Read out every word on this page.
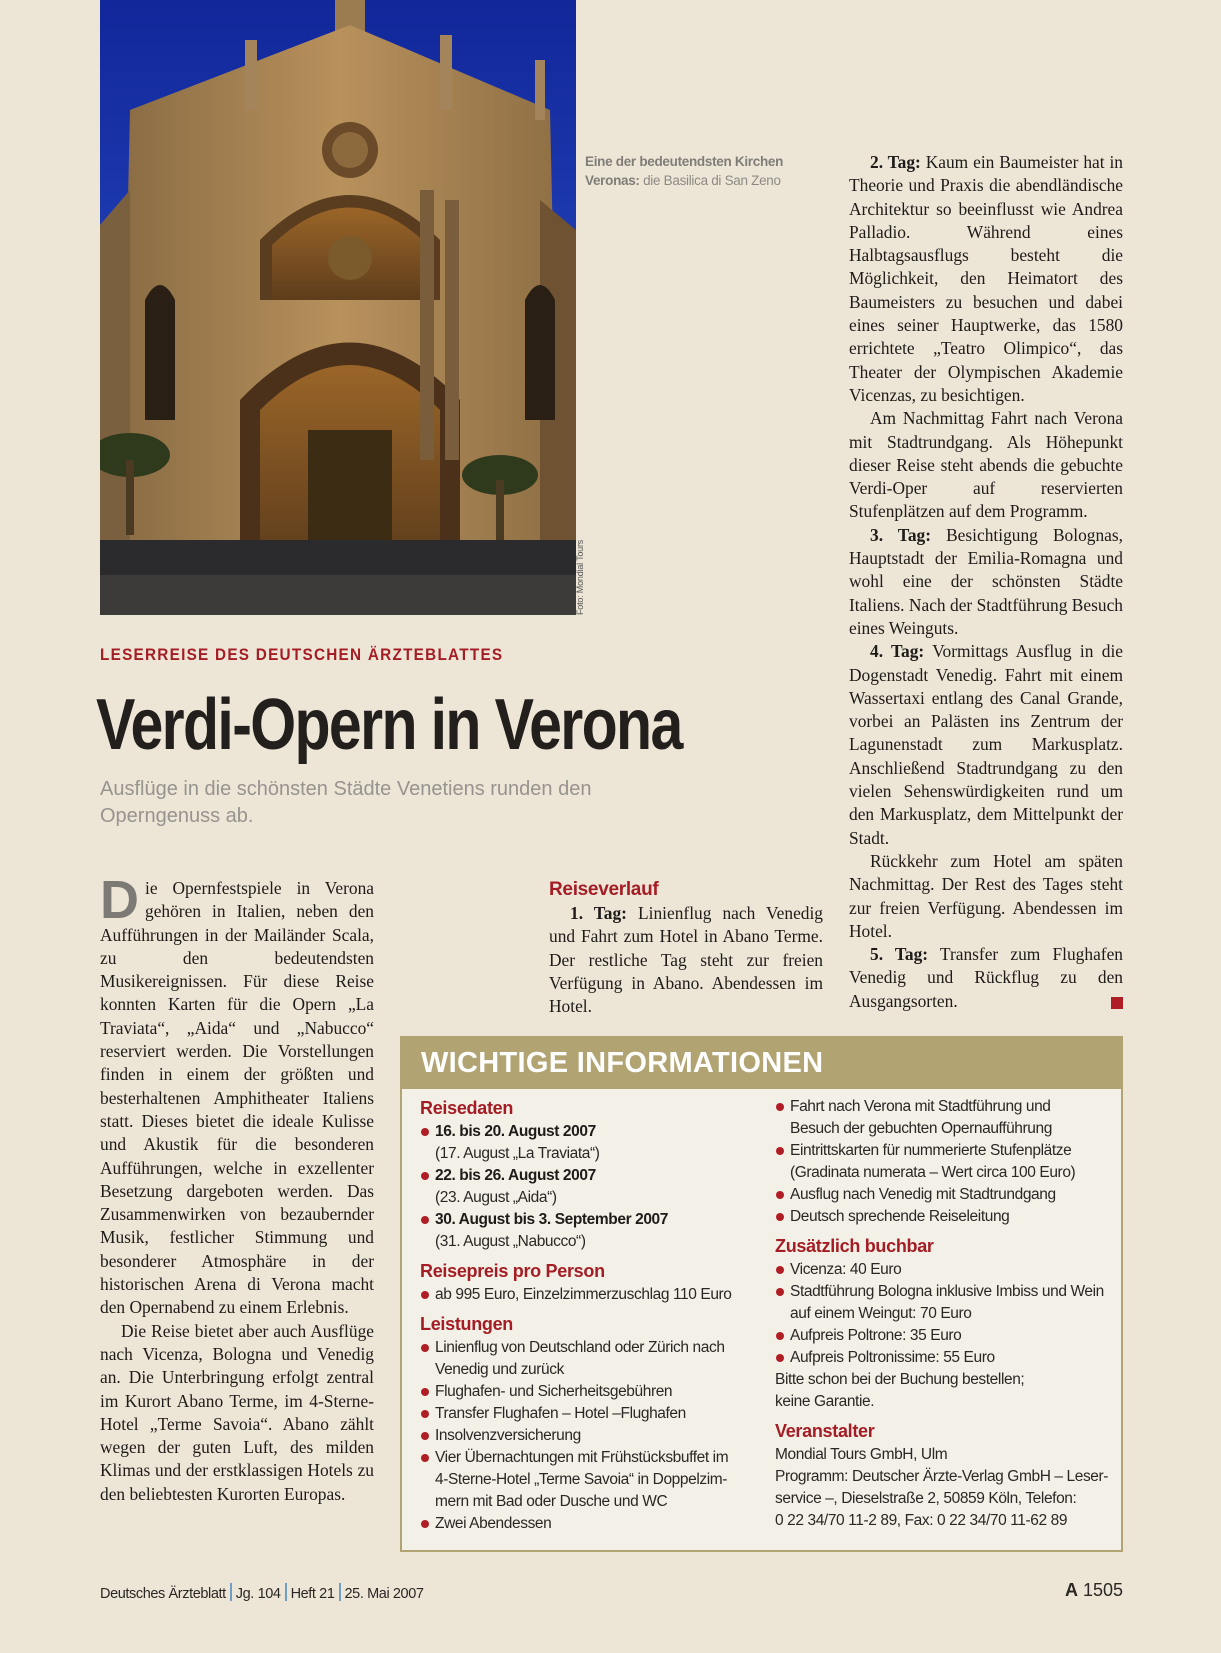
Foto: Mondial Tours
Eine der bedeutendsten Kirchen Veronas: die Basilica di San Zeno
LESERREISE DES DEUTSCHEN ÄRZTEBLATTES
Verdi-Opern in Verona
Ausflüge in die schönsten Städte Venetiens runden den Operngenuss ab.

Die Opernfestspiele in Verona gehören in Italien, neben den Aufführungen in der Mailänder Scala, zu den bedeutendsten Musikereignissen. Für diese Reise konnten Karten für die Opern „La Traviata“, „Aida“ und „Nabucco“ reserviert werden. Die Vorstellungen finden in einem der größten und besterhaltenen Amphitheater Italiens statt. Dieses bietet die ideale Kulisse und Akustik für die besonderen Aufführungen, welche in exzellenter Besetzung dargeboten werden. Das Zusammenwirken von bezaubernder Musik, festlicher Stimmung und besonderer Atmosphäre in der historischen Arena di Verona macht den Opernabend zu einem Erlebnis.

Die Reise bietet aber auch Ausflüge nach Vicenza, Bologna und Venedig an. Die Unterbringung erfolgt zentral im Kurort Abano Terme, im 4-Sterne-Hotel „Terme Savoia“. Abano zählt wegen der guten Luft, des milden Klimas und der erstklassigen Hotels zu den beliebtesten Kurorten Europas.

Reiseverlauf

1. Tag: Linienflug nach Venedig und Fahrt zum Hotel in Abano Terme. Der restliche Tag steht zur freien Verfügung in Abano. Abendessen im Hotel.

2. Tag: Kaum ein Baumeister hat in Theorie und Praxis die abendländische Architektur so beeinflusst wie Andrea Palladio. Während eines Halbtagsausflugs besteht die Möglichkeit, den Heimatort des Baumeisters zu besuchen und dabei eines seiner Hauptwerke, das 1580 errichtete „Teatro Olimpico“, das Theater der Olympischen Akademie Vicenzas, zu besichtigen.

Am Nachmittag Fahrt nach Verona mit Stadtrundgang. Als Höhepunkt dieser Reise steht abends die gebuchte Verdi-Oper auf reservierten Stufenplätzen auf dem Programm.

3. Tag: Besichtigung Bolognas, Hauptstadt der Emilia-Romagna und wohl eine der schönsten Städte Italiens. Nach der Stadtführung Besuch eines Weinguts.

4. Tag: Vormittags Ausflug in die Dogenstadt Venedig. Fahrt mit einem Wassertaxi entlang des Canal Grande, vorbei an Palästen ins Zentrum der Lagunenstadt zum Markusplatz. Anschließend Stadtrundgang zu den vielen Sehenswürdigkeiten rund um den Markusplatz, dem Mittelpunkt der Stadt.

Rückkehr zum Hotel am späten Nachmittag. Der Rest des Tages steht zur freien Verfügung. Abendessen im Hotel.

5. Tag: Transfer zum Flughafen Venedig und Rückflug zu den Ausgangsorten.

WICHTIGE INFORMATIONEN
Reisedaten
16. bis 20. August 2007
(17. August „La Traviata“)
22. bis 26. August 2007
(23. August „Aida“)
30. August bis 3. September 2007
(31. August „Nabucco“)
Reisepreis pro Person
ab 995 Euro, Einzelzimmerzuschlag 110 Euro
Leistungen
Linienflug von Deutschland oder Zürich nach
Venedig und zurück
Flughafen- und Sicherheitsgebühren
Transfer Flughafen – Hotel –Flughafen
Insolvenzversicherung
Vier Übernachtungen mit Frühstücksbuffet im
4-Sterne-Hotel „Terme Savoia“ in Doppelzim-
mern mit Bad oder Dusche und WC
Zwei Abendessen
Fahrt nach Verona mit Stadtführung und
Besuch der gebuchten Opernaufführung
Eintrittskarten für nummerierte Stufenplätze
(Gradinata numerata – Wert circa 100 Euro)
Ausflug nach Venedig mit Stadtrundgang
Deutsch sprechende Reiseleitung
Zusätzlich buchbar
Vicenza: 40 Euro
Stadtführung Bologna inklusive Imbiss und Wein
auf einem Weingut: 70 Euro
Aufpreis Poltrone: 35 Euro
Aufpreis Poltronissime: 55 Euro
Bitte schon bei der Buchung bestellen;
keine Garantie.
Veranstalter
Mondial Tours GmbH, Ulm
Programm: Deutscher Ärzte-Verlag GmbH – Leser-
service –, Dieselstraße 2, 50859 Köln, Telefon:
0 22 34/70 11-2 89, Fax: 0 22 34/70 11-62 89
Deutsches Ärzteblatt Jg. 104 Heft 21 25. Mai 2007	A 1505
